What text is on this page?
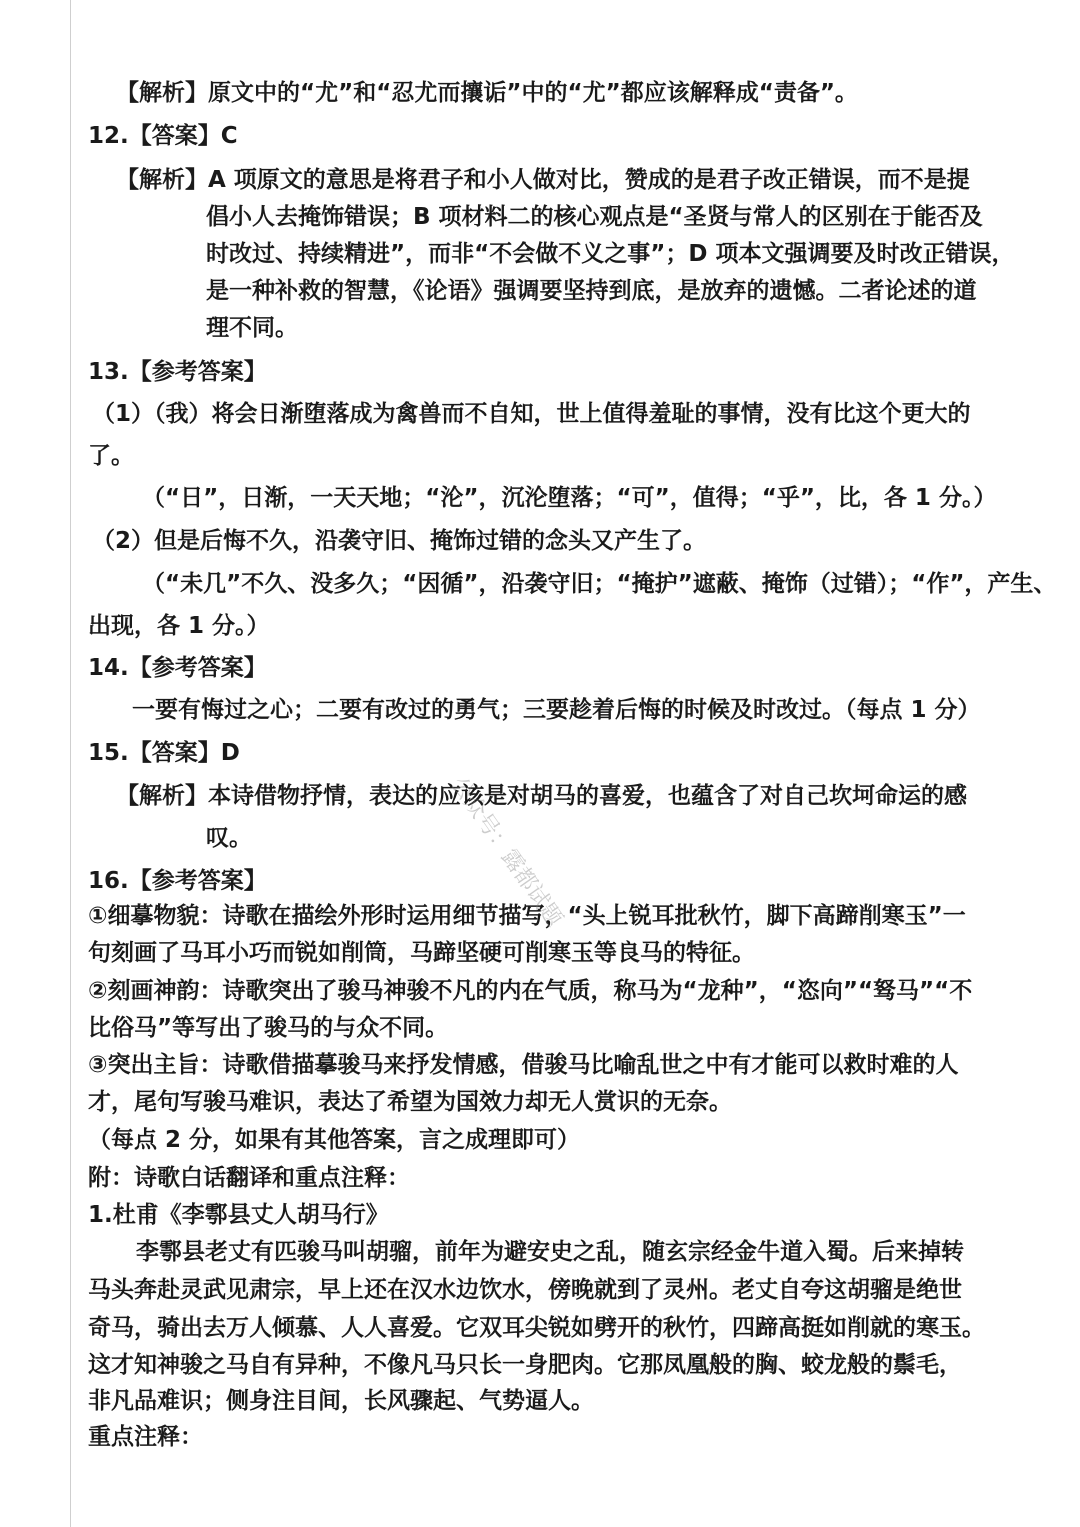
【解析】原文中的“尤”和“忍尤而攘诟”中的“尤”都应该解释成“责备”。
12.【答案】C
【解析】A 项原文的意思是将君子和小人做对比，赞成的是君子改正错误，而不是提
倡小人去掩饰错误；B 项材料二的核心观点是“圣贤与常人的区别在于能否及
时改过、持续精进”，而非“不会做不义之事”；D 项本文强调要及时改正错误，
是一种补救的智慧，《论语》强调要坚持到底，是放弃的遗憾。二者论述的道
理不同。
13.【参考答案】
（1）（我）将会日渐堕落成为禽兽而不自知，世上值得羞耻的事情，没有比这个更大的
了。
（“日”，日渐，一天天地；“沦”，沉沦堕落；“可”，值得；“乎”，比，各 1 分。）
（2）但是后悔不久，沿袭守旧、掩饰过错的念头又产生了。
（“未几”不久、没多久；“因循”，沿袭守旧；“掩护”遮蔽、掩饰（过错）；“作”，产生、
出现，各 1 分。）
14.【参考答案】
一要有悔过之心；二要有改过的勇气；三要趁着后悔的时候及时改过。（每点 1 分）
15.【答案】D
【解析】本诗借物抒情，表达的应该是对胡马的喜爱，也蕴含了对自己坎坷命运的感
叹。
16.【参考答案】
①细摹物貌：诗歌在描绘外形时运用细节描写，“头上锐耳批秋竹，脚下高蹄削寒玉”一
句刻画了马耳小巧而锐如削筒，马蹄坚硬可削寒玉等良马的特征。
②刻画神韵：诗歌突出了骏马神骏不凡的内在气质，称马为“龙种”，“恣向”“驽马”“不
比俗马”等写出了骏马的与众不同。
③突出主旨：诗歌借描摹骏马来抒发情感，借骏马比喻乱世之中有才能可以救时难的人
才，尾句写骏马难识，表达了希望为国效力却无人赏识的无奈。
（每点 2 分，如果有其他答案，言之成理即可）
附：诗歌白话翻译和重点注释：
1.杜甫《李鄠县丈人胡马行》
李鄠县老丈有匹骏马叫胡骝，前年为避安史之乱，随玄宗经金牛道入蜀。后来掉转
马头奔赴灵武见肃宗，早上还在汉水边饮水，傍晚就到了灵州。老丈自夸这胡骝是绝世
奇马，骑出去万人倾慕、人人喜爱。它双耳尖锐如劈开的秋竹，四蹄高挺如削就的寒玉。
这才知神骏之马自有异种，不像凡马只长一身肥肉。它那凤凰般的胸、蛟龙般的鬃毛，
非凡品难识；侧身注目间，长风骤起、气势逼人。
重点注释：
公众号：露都试题
